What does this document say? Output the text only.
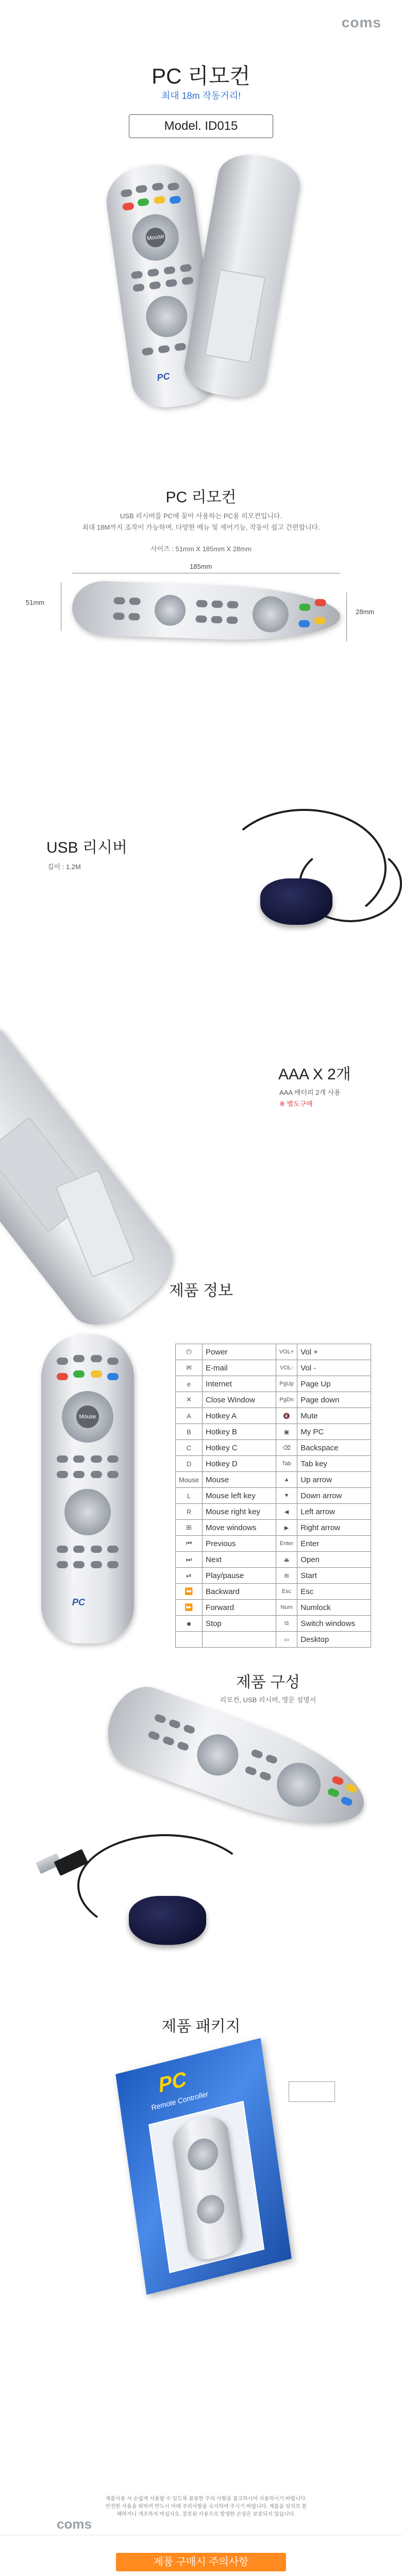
coms
PC 리모컨
최대 18m 작동거리!
Model. ID015
Mouse
PC
PC 리모컨
USB 리시버를 PC에 꽂아 사용하는 PC용 리모컨입니다.
최대 18M까지 조작이 가능하며, 다양한 메뉴 및 제어기능, 작동이 쉽고 간편합니다.
사이즈 : 51mm X 185mm X 28mm
185mm
51mm
28mm
USB 리시버
길이 : 1.2M
AAA X 2개
AAA 배터리 2개 사용
※ 별도구매
제품 정보
Mouse
PC
⏻	Power	VOL+	Vol +
✉	E-mail	VOL-	Vol -
e	Internet	PgUp	Page Up
✕	Close Window	PgDn	Page down
A	Hotkey A	🔇	Mute
B	Hotkey B	▣	My PC
C	Hotkey C	⌫	Backspace
D	Hotkey D	Tab	Tab key
Mouse	Mouse	▲	Up arrow
L	Mouse left key	▼	Down arrow
R	Mouse right key	◀	Left arrow
⊞	Move windows	▶	Right arrow
⏮	Previous	Enter	Enter
⏭	Next	⏏	Open
⏯	Play/pause	⊞	Start
⏪	Backward	Esc	Esc
⏩	Forward	Num	Numlock
■	Stop	⧉	Switch windows
		▭	Desktop
제품 구성
리모컨, USB 리시버, 영문 설명서
제품 패키지
PC
Remote Controller
제품사용 시 손쉽게 사용할 수 있도록 꼼꼼한 주의 사항을 참고하시어 사용하시기 바랍니다. 안전한 사용을 위하여 반드시 아래 주의사항을 숙지하여 주시기 바랍니다. 제품을 임의로 분해하거나 개조하지 마십시오. 잘못된 사용으로 발생한 손상은 보증되지 않습니다.
coms
제품 구매시 주의사항
